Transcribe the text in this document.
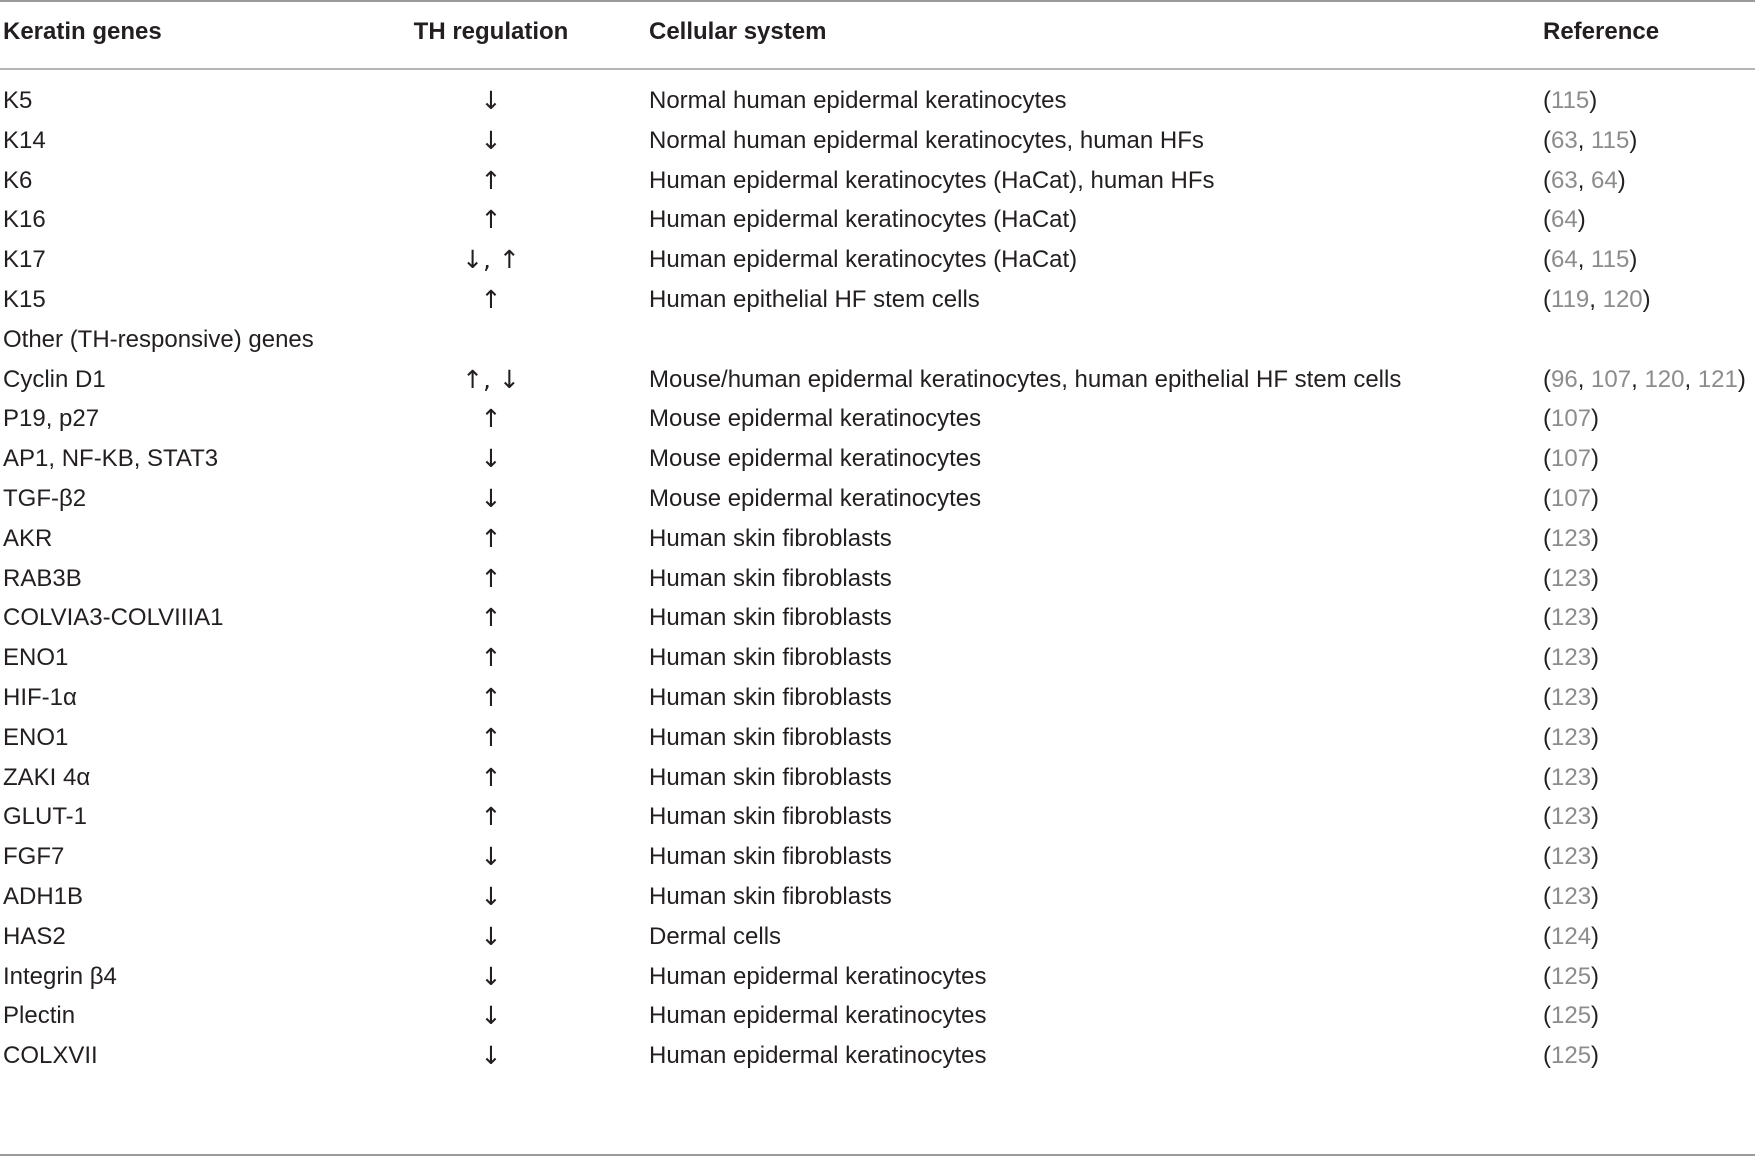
Keratin genes	TH regulation	Cellular system	Reference
K5	↓	Normal human epidermal keratinocytes	(115)
K14	↓	Normal human epidermal keratinocytes, human HFs	(63, 115)
K6	↑	Human epidermal keratinocytes (HaCat), human HFs	(63, 64)
K16	↑	Human epidermal keratinocytes (HaCat)	(64)
K17	↓, ↑	Human epidermal keratinocytes (HaCat)	(64, 115)
K15	↑	Human epithelial HF stem cells	(119, 120)
Other (TH-responsive) genes
Cyclin D1	↑, ↓	Mouse/human epidermal keratinocytes, human epithelial HF stem cells	(96, 107, 120, 121)
P19, p27	↑	Mouse epidermal keratinocytes	(107)
AP1, NF-KB, STAT3	↓	Mouse epidermal keratinocytes	(107)
TGF-β2	↓	Mouse epidermal keratinocytes	(107)
AKR	↑	Human skin fibroblasts	(123)
RAB3B	↑	Human skin fibroblasts	(123)
COLVIA3-COLVIIIA1	↑	Human skin fibroblasts	(123)
ENO1	↑	Human skin fibroblasts	(123)
HIF-1α	↑	Human skin fibroblasts	(123)
ENO1	↑	Human skin fibroblasts	(123)
ZAKI 4α	↑	Human skin fibroblasts	(123)
GLUT-1	↑	Human skin fibroblasts	(123)
FGF7	↓	Human skin fibroblasts	(123)
ADH1B	↓	Human skin fibroblasts	(123)
HAS2	↓	Dermal cells	(124)
Integrin β4	↓	Human epidermal keratinocytes	(125)
Plectin	↓	Human epidermal keratinocytes	(125)
COLXVII	↓	Human epidermal keratinocytes	(125)
